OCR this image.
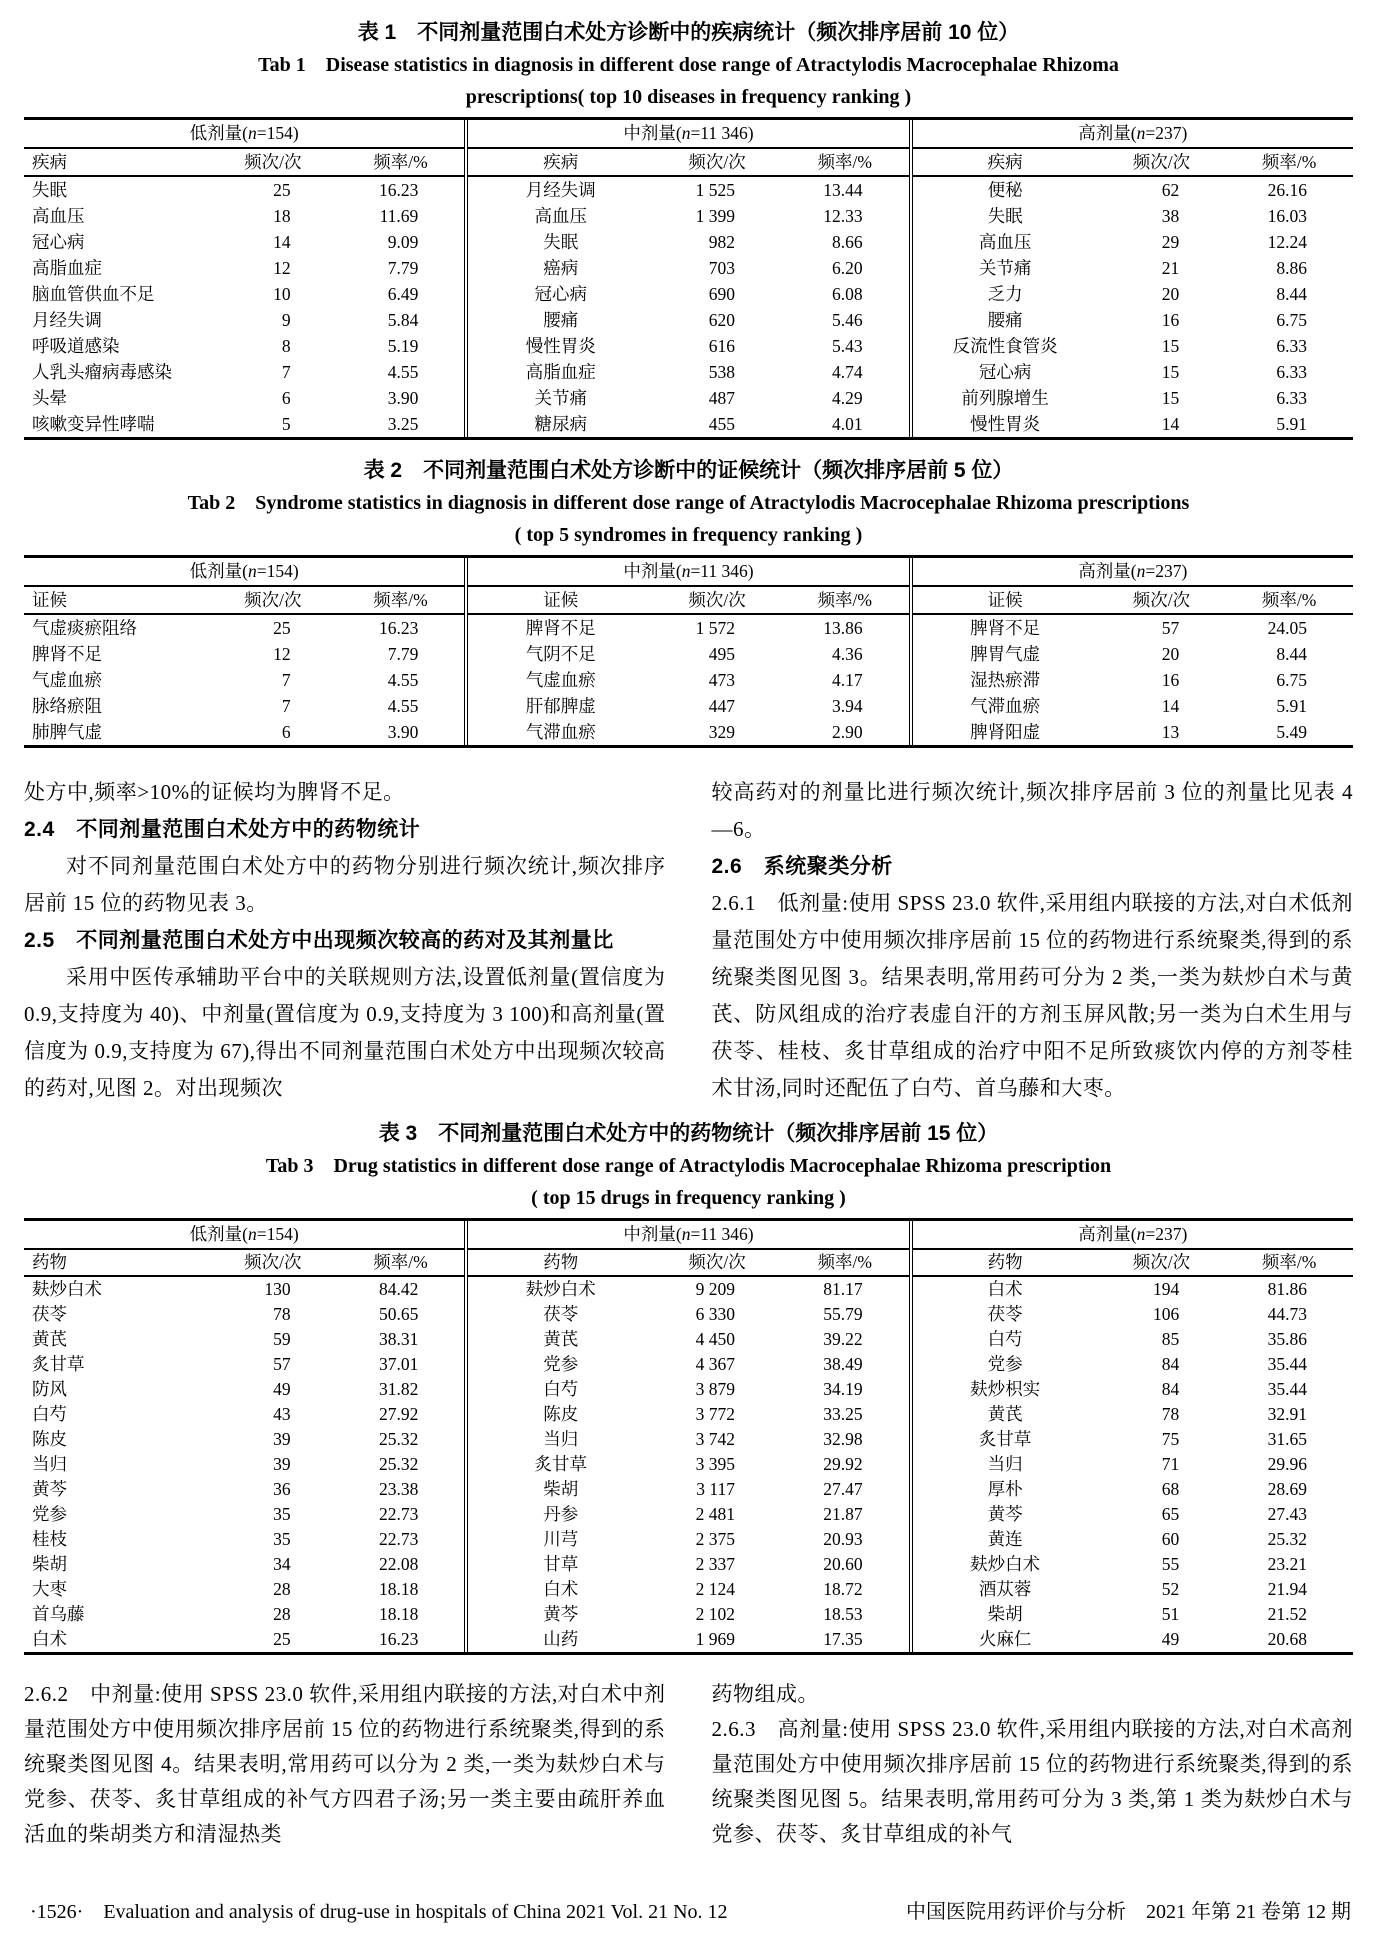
表 1　不同剂量范围白术处方诊断中的疾病统计（频次排序居前 10 位）
Tab 1　Disease statistics in diagnosis in different dose range of Atractylodis Macrocephalae Rhizoma
prescriptions( top 10 diseases in frequency ranking )
低剂量(n=154)
疾病	频次/次	频率/%
失眠	25	16.23
高血压	18	11.69
冠心病	14	9.09
高脂血症	12	7.79
脑血管供血不足	10	6.49
月经失调	9	5.84
呼吸道感染	8	5.19
人乳头瘤病毒感染	7	4.55
头晕	6	3.90
咳嗽变异性哮喘	5	3.25
中剂量(n=11 346)
疾病	频次/次	频率/%
月经失调	1 525	13.44
高血压	1 399	12.33
失眠	982	8.66
癌病	703	6.20
冠心病	690	6.08
腰痛	620	5.46
慢性胃炎	616	5.43
高脂血症	538	4.74
关节痛	487	4.29
糖尿病	455	4.01
高剂量(n=237)
疾病	频次/次	频率/%
便秘	62	26.16
失眠	38	16.03
高血压	29	12.24
关节痛	21	8.86
乏力	20	8.44
腰痛	16	6.75
反流性食管炎	15	6.33
冠心病	15	6.33
前列腺增生	15	6.33
慢性胃炎	14	5.91
表 2　不同剂量范围白术处方诊断中的证候统计（频次排序居前 5 位）
Tab 2　Syndrome statistics in diagnosis in different dose range of Atractylodis Macrocephalae Rhizoma prescriptions
( top 5 syndromes in frequency ranking )
低剂量(n=154)
证候	频次/次	频率/%
气虚痰瘀阻络	25	16.23
脾肾不足	12	7.79
气虚血瘀	7	4.55
脉络瘀阻	7	4.55
肺脾气虚	6	3.90
中剂量(n=11 346)
证候	频次/次	频率/%
脾肾不足	1 572	13.86
气阴不足	495	4.36
气虚血瘀	473	4.17
肝郁脾虚	447	3.94
气滞血瘀	329	2.90
高剂量(n=237)
证候	频次/次	频率/%
脾肾不足	57	24.05
脾胃气虚	20	8.44
湿热瘀滞	16	6.75
气滞血瘀	14	5.91
脾肾阳虚	13	5.49

处方中,频率>10%的证候均为脾肾不足。

2.4　不同剂量范围白术处方中的药物统计

对不同剂量范围白术处方中的药物分别进行频次统计,频次排序居前 15 位的药物见表 3。

2.5　不同剂量范围白术处方中出现频次较高的药对及其剂量比

采用中医传承辅助平台中的关联规则方法,设置低剂量(置信度为 0.9,支持度为 40)、中剂量(置信度为 0.9,支持度为 3 100)和高剂量(置信度为 0.9,支持度为 67),得出不同剂量范围白术处方中出现频次较高的药对,见图 2。对出现频次

较高药对的剂量比进行频次统计,频次排序居前 3 位的剂量比见表 4—6。

2.6　系统聚类分析

2.6.1　低剂量:使用 SPSS 23.0 软件,采用组内联接的方法,对白术低剂量范围处方中使用频次排序居前 15 位的药物进行系统聚类,得到的系统聚类图见图 3。结果表明,常用药可分为 2 类,一类为麸炒白术与黄芪、防风组成的治疗表虚自汗的方剂玉屏风散;另一类为白术生用与茯苓、桂枝、炙甘草组成的治疗中阳不足所致痰饮内停的方剂苓桂术甘汤,同时还配伍了白芍、首乌藤和大枣。

表 3　不同剂量范围白术处方中的药物统计（频次排序居前 15 位）
Tab 3　Drug statistics in different dose range of Atractylodis Macrocephalae Rhizoma prescription
( top 15 drugs in frequency ranking )
低剂量(n=154)
药物	频次/次	频率/%
麸炒白术	130	84.42
茯苓	78	50.65
黄芪	59	38.31
炙甘草	57	37.01
防风	49	31.82
白芍	43	27.92
陈皮	39	25.32
当归	39	25.32
黄芩	36	23.38
党参	35	22.73
桂枝	35	22.73
柴胡	34	22.08
大枣	28	18.18
首乌藤	28	18.18
白术	25	16.23
中剂量(n=11 346)
药物	频次/次	频率/%
麸炒白术	9 209	81.17
茯苓	6 330	55.79
黄芪	4 450	39.22
党参	4 367	38.49
白芍	3 879	34.19
陈皮	3 772	33.25
当归	3 742	32.98
炙甘草	3 395	29.92
柴胡	3 117	27.47
丹参	2 481	21.87
川芎	2 375	20.93
甘草	2 337	20.60
白术	2 124	18.72
黄芩	2 102	18.53
山药	1 969	17.35
高剂量(n=237)
药物	频次/次	频率/%
白术	194	81.86
茯苓	106	44.73
白芍	85	35.86
党参	84	35.44
麸炒枳实	84	35.44
黄芪	78	32.91
炙甘草	75	31.65
当归	71	29.96
厚朴	68	28.69
黄芩	65	27.43
黄连	60	25.32
麸炒白术	55	23.21
酒苁蓉	52	21.94
柴胡	51	21.52
火麻仁	49	20.68

2.6.2　中剂量:使用 SPSS 23.0 软件,采用组内联接的方法,对白术中剂量范围处方中使用频次排序居前 15 位的药物进行系统聚类,得到的系统聚类图见图 4。结果表明,常用药可以分为 2 类,一类为麸炒白术与党参、茯苓、炙甘草组成的补气方四君子汤;另一类主要由疏肝养血活血的柴胡类方和清湿热类

药物组成。

2.6.3　高剂量:使用 SPSS 23.0 软件,采用组内联接的方法,对白术高剂量范围处方中使用频次排序居前 15 位的药物进行系统聚类,得到的系统聚类图见图 5。结果表明,常用药可分为 3 类,第 1 类为麸炒白术与党参、茯苓、炙甘草组成的补气

·1526·　Evaluation and analysis of drug-use in hospitals of China 2021 Vol. 21 No. 12	中国医院用药评价与分析　2021 年第 21 卷第 12 期
